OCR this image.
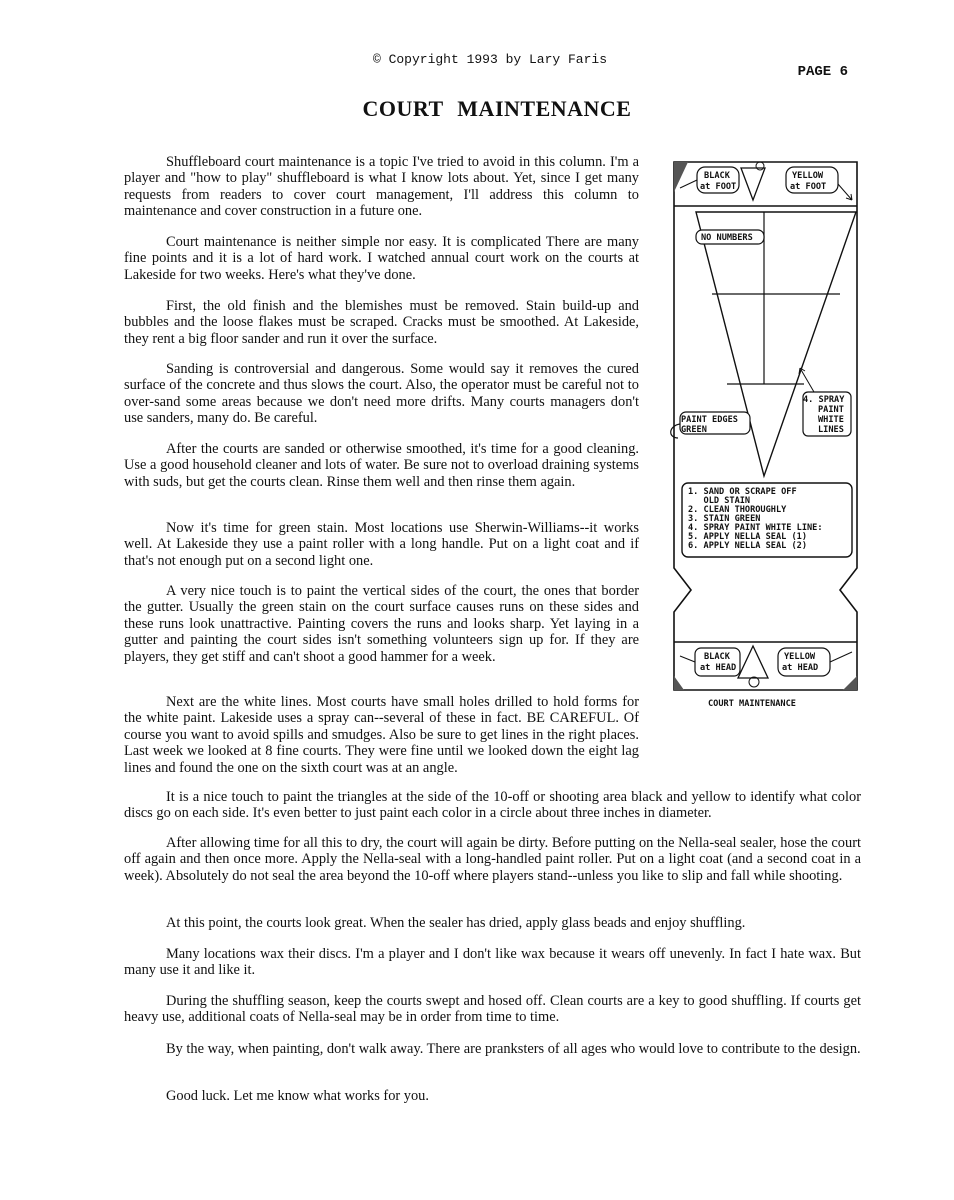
© Copyright 1993 by Lary Faris
PAGE 6
COURT MAINTENANCE

Shuffleboard court maintenance is a topic I've tried to avoid in this column. I'm a player and "how to play" shuffleboard is what I know lots about. Yet, since I get many requests from readers to cover court management, I'll address this column to maintenance and cover construction in a future one.

Court maintenance is neither simple nor easy. It is complicated There are many fine points and it is a lot of hard work. I watched annual court work on the courts at Lakeside for two weeks. Here's what they've done.

First, the old finish and the blemishes must be removed. Stain build-up and bubbles and the loose flakes must be scraped. Cracks must be smoothed. At Lakeside, they rent a big floor sander and run it over the surface.

Sanding is controversial and dangerous. Some would say it removes the cured surface of the concrete and thus slows the court. Also, the operator must be careful not to over-sand some areas because we don't need more drifts. Many courts managers don't use sanders, many do. Be careful.

After the courts are sanded or otherwise smoothed, it's time for a good cleaning. Use a good household cleaner and lots of water. Be sure not to overload draining systems with suds, but get the courts clean. Rinse them well and then rinse them again.

Now it's time for green stain. Most locations use Sherwin-Williams--it works well. At Lakeside they use a paint roller with a long handle. Put on a light coat and if that's not enough put on a second light one.

A very nice touch is to paint the vertical sides of the court, the ones that border the gutter. Usually the green stain on the court surface causes runs on these sides and these runs look unattractive. Painting covers the runs and looks sharp. Yet laying in a gutter and painting the court sides isn't something volunteers sign up for. If they are players, they get stiff and can't shoot a good hammer for a week.

Next are the white lines. Most courts have small holes drilled to hold forms for the white paint. Lakeside uses a spray can--several of these in fact. BE CAREFUL. Of course you want to avoid spills and smudges. Also be sure to get lines in the right places. Last week we looked at 8 fine courts. They were fine until we looked down the eight lag lines and found the one on the sixth court was at an angle.

It is a nice touch to paint the triangles at the side of the 10-off or shooting area black and yellow to identify what color discs go on each side. It's even better to just paint each color in a circle about three inches in diameter.

After allowing time for all this to dry, the court will again be dirty. Before putting on the Nella-seal sealer, hose the court off again and then once more. Apply the Nella-seal with a long-handled paint roller. Put on a light coat (and a second coat in a week). Absolutely do not seal the area beyond the 10-off where players stand--unless you like to slip and fall while shooting.

At this point, the courts look great. When the sealer has dried, apply glass beads and enjoy shuffling.

Many locations wax their discs. I'm a player and I don't like wax because it wears off unevenly. In fact I hate wax. But many use it and like it.

During the shuffling season, keep the courts swept and hosed off. Clean courts are a key to good shuffling. If courts get heavy use, additional coats of Nella-seal may be in order from time to time.

By the way, when painting, don't walk away. There are pranksters of all ages who would love to contribute to the design.

Good luck. Let me know what works for you.

BLACK
at FOOT
YELLOW
at FOOT
NO NUMBERS
PAINT EDGES
GREEN
4. SPRAY
PAINT
WHITE
LINES
1. SAND OR SCRAPE OFF
OLD STAIN
2. CLEAN THOROUGHLY
3. STAIN GREEN
4. SPRAY PAINT WHITE LINE:
5. APPLY NELLA SEAL (1)
6. APPLY NELLA SEAL (2)
BLACK
at HEAD
YELLOW
at HEAD
COURT MAINTENANCE
